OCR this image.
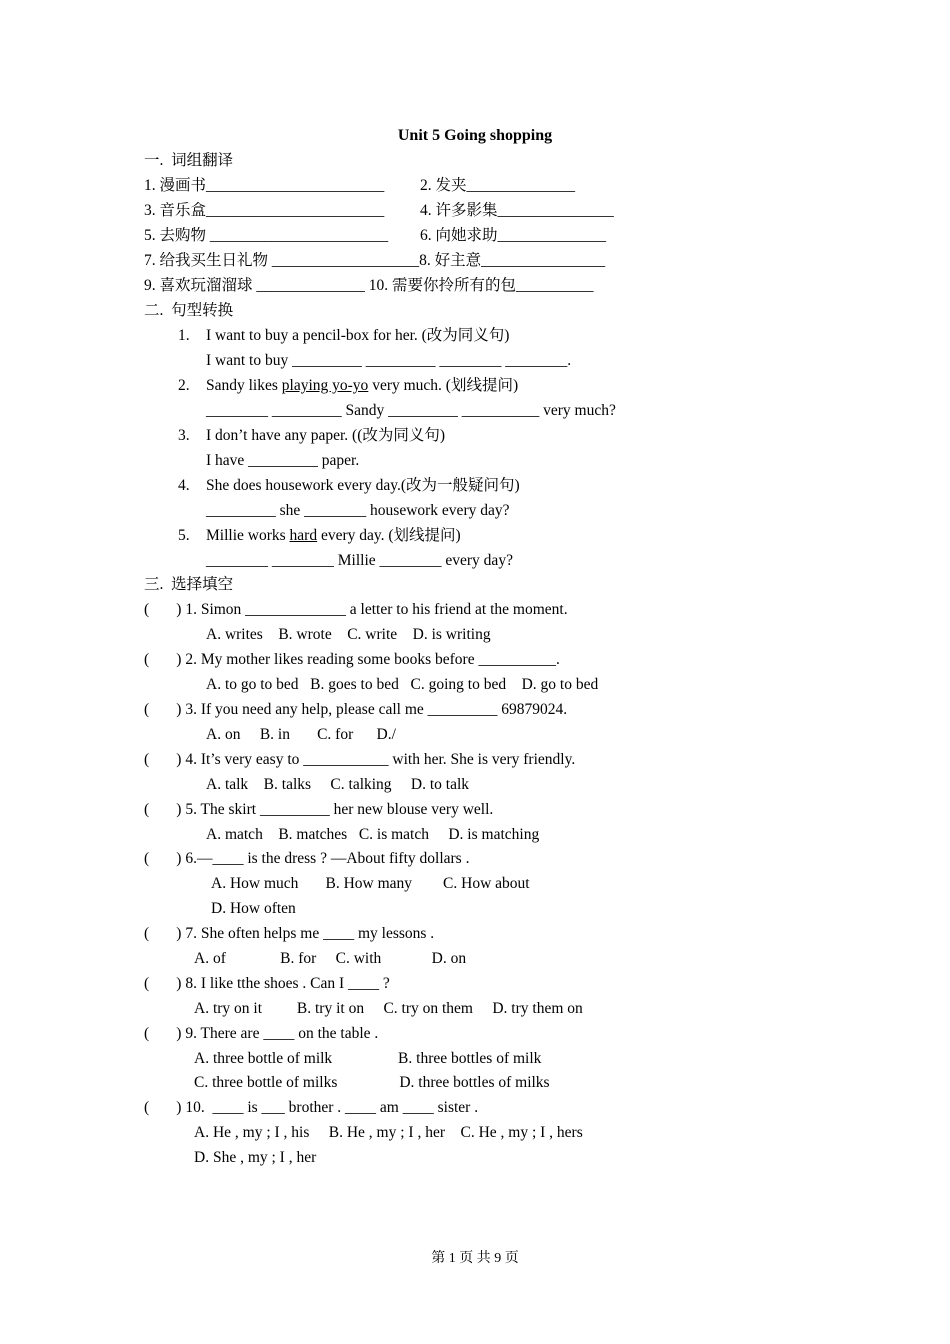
Unit 5 Going shopping
一.  词组翻译
1. 漫画书_______________________ 2. 发夹______________
3. 音乐盒_______________________ 4. 许多影集_______________
5. 去购物 _______________________ 6. 向她求助______________
7. 给我买生日礼物 ___________________8. 好主意________________
9. 喜欢玩溜溜球 ______________ 10. 需要你拎所有的包__________
二.  句型转换
1. I want to buy a pencil-box for her. (改为同义句)
I want to buy _________ _________ ________ ________.
2. Sandy likes playing yo-yo very much. (划线提问)
________ _________ Sandy _________ __________ very much?
3. I don’t have any paper. ((改为同义句)
I have _________ paper.
4. She does housework every day.(改为一般疑问句)
_________ she ________ housework every day?
5. Millie works hard every day. (划线提问)
________ ________ Millie ________ every day?
三.  选择填空
(       ) 1. Simon _____________ a letter to his friend at the moment.
A. writes    B. wrote    C. write    D. is writing
(       ) 2. My mother likes reading some books before __________.
A. to go to bed   B. goes to bed   C. going to bed    D. go to bed
(       ) 3. If you need any help, please call me _________ 69879024.
A. on     B. in       C. for      D./
(       ) 4. It’s very easy to ___________ with her. She is very friendly.
A. talk    B. talks     C. talking     D. to talk
(       ) 5. The skirt _________ her new blouse very well.
A. match    B. matches   C. is match     D. is matching
(       ) 6.—____ is the dress ? —About fifty dollars .
A. How much       B. How many        C. How about
D. How often
(       ) 7. She often helps me ____ my lessons .
A. of              B. for     C. with             D. on
(       ) 8. I like tthe shoes . Can I ____ ?
A. try on it         B. try it on     C. try on them     D. try them on
(       ) 9. There are ____ on the table .
A. three bottle of milk                 B. three bottles of milk
C. three bottle of milks                D. three bottles of milks
(       ) 10.  ____ is ___ brother . ____ am ____ sister .
A. He , my ; I , his     B. He , my ; I , her    C. He , my ; I , hers
D. She , my ; I , her
第 1 页 共 9 页
